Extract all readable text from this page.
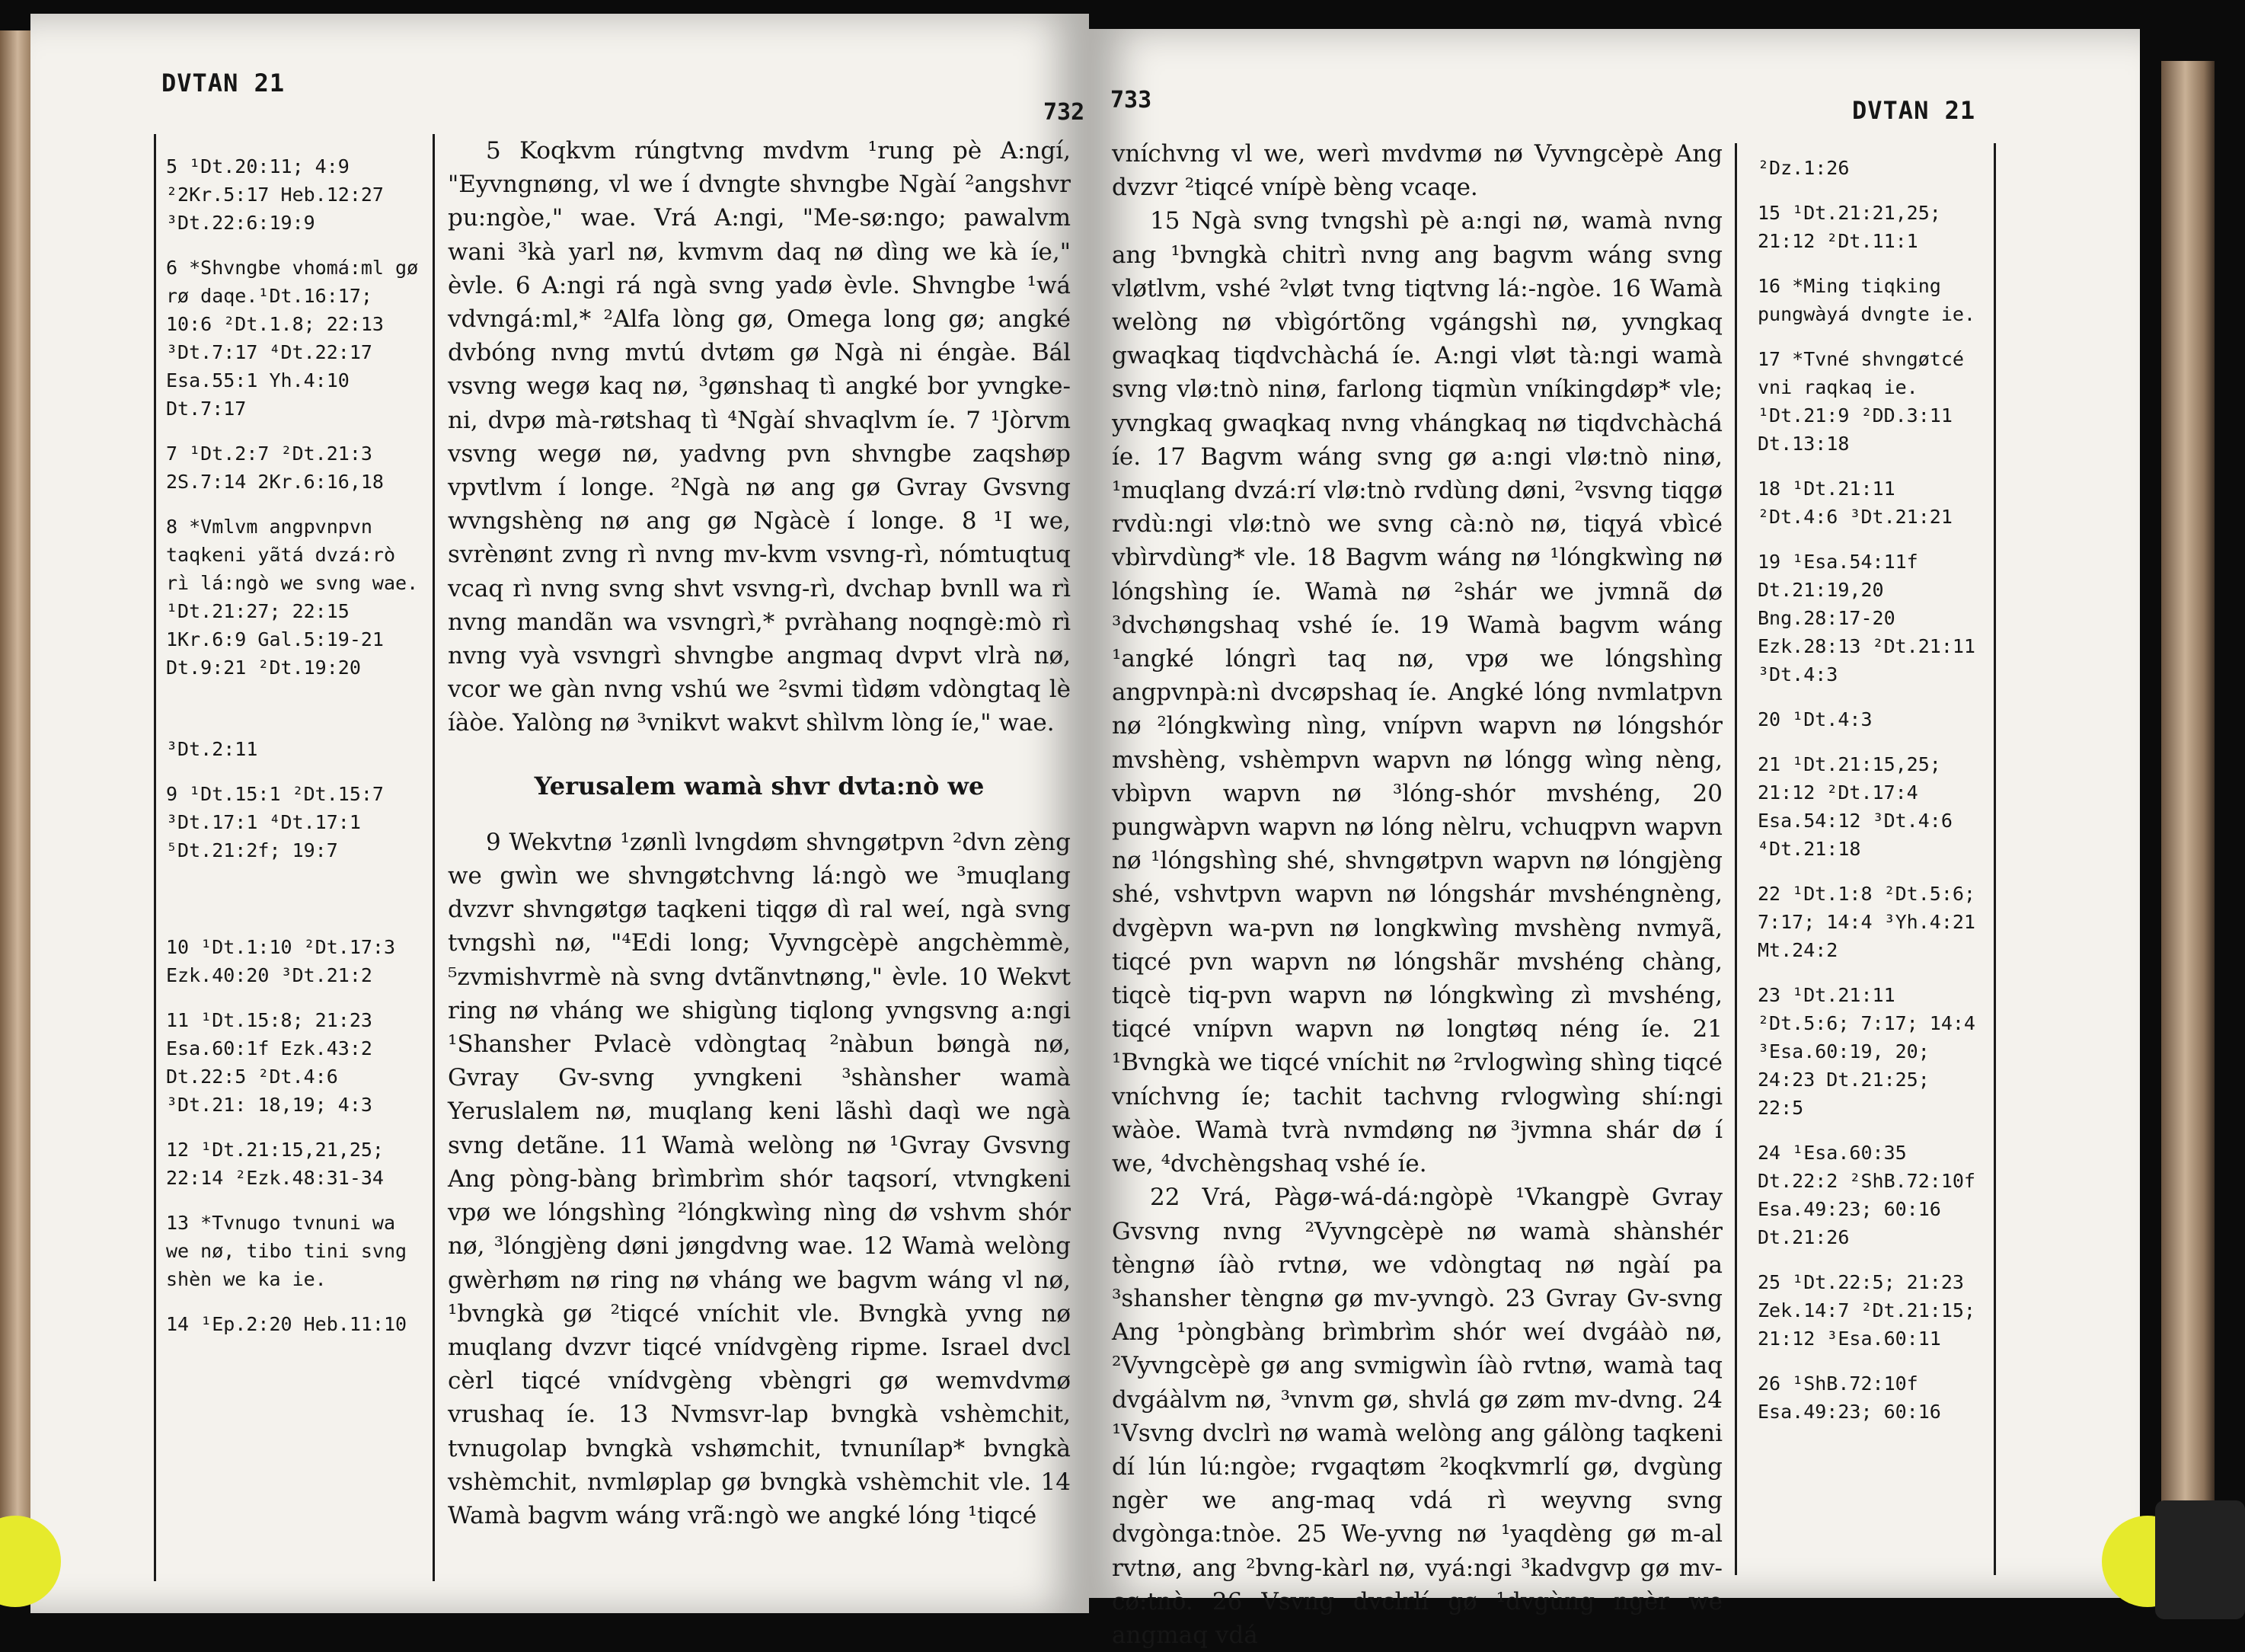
DVTAN 21
732
5 ¹Dt.20:11; 4:9 ²2Kr.5:17 Heb.12:27 ³Dt.22:6:19:9
6 *Shvngbe vhomá:ml gø rø daqe.¹Dt.16:17; 10:6 ²Dt.1.8; 22:13 ³Dt.7:17 ⁴Dt.22:17 Esa.55:1 Yh.4:10 Dt.7:17
7 ¹Dt.2:7 ²Dt.21:3 2S.7:14 2Kr.6:16,18
8 *Vmlvm angpvnpvn taqkeni yãtá dvzá:rò rì lá:ngò we svng wae. ¹Dt.21:27; 22:15 1Kr.6:9 Gal.5:19-21 Dt.9:21 ²Dt.19:20
³Dt.2:11
9 ¹Dt.15:1 ²Dt.15:7 ³Dt.17:1 ⁴Dt.17:1 ⁵Dt.21:2f; 19:7
10 ¹Dt.1:10 ²Dt.17:3 Ezk.40:20 ³Dt.21:2
11 ¹Dt.15:8; 21:23 Esa.60:1f Ezk.43:2 Dt.22:5 ²Dt.4:6 ³Dt.21: 18,19; 4:3
12 ¹Dt.21:15,21,25; 22:14 ²Ezk.48:31-34
13 *Tvnugo tvnuni wa we nø, tibo tini svng shèn we ka ie.
14 ¹Ep.2:20 Heb.11:10

5 Koqkvm rúngtvng mvdvm ¹rung pè A:ngí, "Eyvngnøng, vl we í dvngte shvngbe Ngàí ²angshvr pu:ngòe," wae. Vrá A:ngi, "Me-sø:ngo; pawalvm wani ³kà yarl nø, kvmvm daq nø dìng we kà íe," èvle. 6 A:ngi rá ngà svng yadø èvle. Shvngbe ¹wá vdvngá:ml,* ²Alfa lòng gø, Omega long gø; angké dvbóng nvng mvtú dvtøm gø Ngà ni éngàe. Bál vsvng wegø kaq nø, ³gønshaq tì angké bor yvngke-ni, dvpø mà-røtshaq tì ⁴Ngàí shvaqlvm íe. 7 ¹Jòrvm vsvng wegø nø, yadvng pvn shvngbe zaqshøp vpvtlvm í longe. ²Ngà nø ang gø Gvray Gvsvng wvngshèng nø ang gø Ngàcè í longe. 8 ¹I we, svrènønt zvng rì nvng mv-kvm vsvng-rì, nómtuqtuq vcaq rì nvng svng shvt vsvng-rì, dvchap bvnll wa rì nvng mandãn wa vsvngrì,* pvràhang noqngè:mò rì nvng vyà vsvngrì shvngbe angmaq dvpvt vlrà nø, vcor we gàn nvng vshú we ²svmi tìdøm vdòngtaq lè íàòe. Yalòng nø ³vnikvt wakvt shìlvm lòng íe," wae.

Yerusalem wamà shvr dvta:nò we

9 Wekvtnø ¹zønlì lvngdøm shvngøtpvn ²dvn zèng we gwìn we shvngøtchvng lá:ngò we ³muqlang dvzvr shvngøtgø taqkeni tiqgø dì ral weí, ngà svng tvngshì nø, "⁴Edi long; Vyvngcèpè angchèmmè, ⁵zvmishvrmè nà svng dvtãnvtnøng," èvle. 10 Wekvt ring nø vháng we shigùng tiqlong yvngsvng a:ngi ¹Shansher Pvlacè vdòngtaq ²nàbun bøngà nø, Gvray Gv-svng yvngkeni ³shànsher wamà Yeruslalem nø, muqlang keni lãshì daqì we ngà svng detãne. 11 Wamà welòng nø ¹Gvray Gvsvng Ang pòng-bàng brìmbrìm shór taqsorí, vtvngkeni vpø we lóngshìng ²lóngkwìng nìng dø vshvm shór nø, ³lóngjèng døni jøngdvng wae. 12 Wamà welòng gwèrhøm nø ring nø vháng we bagvm wáng vl nø, ¹bvngkà gø ²tiqcé vníchit vle. Bvngkà yvng nø muqlang dvzvr tiqcé vnídvgèng ripme. Israel dvcl cèrl tiqcé vnídvgèng vbèngri gø wemvdvmø vrushaq íe. 13 Nvmsvr-lap bvngkà vshèmchit, tvnugolap bvngkà vshømchit, tvnunílap* bvngkà vshèmchit, nvmløplap gø bvngkà vshèmchit vle. 14 Wamà bagvm wáng vrã:ngò we angké lóng ¹tiqcé

733	DVTAN 21

vníchvng vl we, werì mvdvmø nø Vyvngcèpè Ang dvzvr ²tiqcé vnípè bèng vcaqe.

15 Ngà svng tvngshì pè a:ngi nø, wamà nvng ang ¹bvngkà chitrì nvng ang bagvm wáng svng vløtlvm, vshé ²vløt tvng tiqtvng lá:-ngòe. 16 Wamà welòng nø vbìgórtõng vgángshì nø, yvngkaq gwaqkaq tiqdvchàchá íe. A:ngi vløt tà:ngi wamà svng vlø:tnò ninø, farlong tiqmùn vníkingdøp* vle; yvngkaq gwaqkaq nvng vhángkaq nø tiqdvchàchá íe. 17 Bagvm wáng svng gø a:ngi vlø:tnò ninø, ¹muqlang dvzá:rí vlø:tnò rvdùng døni, ²vsvng tiqgø rvdù:ngi vlø:tnò we svng cà:nò nø, tiqyá vbìcé vbìrvdùng* vle. 18 Bagvm wáng nø ¹lóngkwìng nø lóngshìng íe. Wamà nø ²shár we jvmnã dø ³dvchøngshaq vshé íe. 19 Wamà bagvm wáng ¹angké lóngrì taq nø, vpø we lóngshìng angpvnpà:nì dvcøpshaq íe. Angké lóng nvmlatpvn nø ²lóngkwìng nìng, vnípvn wapvn nø lóngshór mvshèng, vshèmpvn wapvn nø lóngg wìng nèng, vbìpvn wapvn nø ³lóng-shór mvshéng, 20 pungwàpvn wapvn nø lóng nèlru, vchuqpvn wapvn nø ¹lóngshìng shé, shvngøtpvn wapvn nø lóngjèng shé, vshvtpvn wapvn nø lóngshár mvshéngnèng, dvgèpvn wa-pvn nø longkwìng mvshèng nvmyã, tiqcé pvn wapvn nø lóngshãr mvshéng chàng, tiqcè tiq-pvn wapvn nø lóngkwìng zì mvshéng, tiqcé vnípvn wapvn nø longtøq néng íe. 21 ¹Bvngkà we tiqcé vníchit nø ²rvlogwìng shìng tiqcé vníchvng íe; tachit tachvng rvlogwìng shí:ngi wàòe. Wamà tvrà nvmdøng nø ³jvmna shár dø í we, ⁴dvchèngshaq vshé íe.

22 Vrá, Pàgø-wá-dá:ngòpè ¹Vkangpè Gvray Gvsvng nvng ²Vyvngcèpè nø wamà shànshér tèngnø íàò rvtnø, we vdòngtaq nø ngàí pa ³shansher tèngnø gø mv-yvngò. 23 Gvray Gv-svng Ang ¹pòngbàng brìmbrìm shór weí dvgáàò nø, ²Vyvngcèpè gø ang svmigwìn íàò rvtnø, wamà taq dvgáàlvm nø, ³vnvm gø, shvlá gø zøm mv-dvng. 24 ¹Vsvng dvclrì nø wamà welòng ang gálòng taqkeni dí lún lú:ngòe; rvgaqtøm ²koqkvmrlí gø, dvgùng ngèr we ang-maq vdá rì weyvng svng dvgònga:tnòe. 25 We-yvng nø ¹yaqdèng gø m-al rvtnø, ang ²bvng-kàrl nø, vyá:ngi ³kadvgvp gø mv-cø:tnò. 26 Vsvng dvclrlí gø ¹dvgùng ngèr we angmaq vdá

²Dz.1:26
15 ¹Dt.21:21,25; 21:12 ²Dt.11:1
16 *Ming tiqking pungwàyá dvngte ie.
17 *Tvné shvngøtcé vni raqkaq ie. ¹Dt.21:9 ²DD.3:11 Dt.13:18
18 ¹Dt.21:11 ²Dt.4:6 ³Dt.21:21
19 ¹Esa.54:11f Dt.21:19,20 Bng.28:17-20 Ezk.28:13 ²Dt.21:11 ³Dt.4:3
20 ¹Dt.4:3
21 ¹Dt.21:15,25; 21:12 ²Dt.17:4 Esa.54:12 ³Dt.4:6 ⁴Dt.21:18
22 ¹Dt.1:8 ²Dt.5:6; 7:17; 14:4 ³Yh.4:21 Mt.24:2
23 ¹Dt.21:11 ²Dt.5:6; 7:17; 14:4 ³Esa.60:19, 20; 24:23 Dt.21:25; 22:5
24 ¹Esa.60:35 Dt.22:2 ²ShB.72:10f Esa.49:23; 60:16 Dt.21:26
25 ¹Dt.22:5; 21:23 Zek.14:7 ²Dt.21:15; 21:12 ³Esa.60:11
26 ¹ShB.72:10f Esa.49:23; 60:16
